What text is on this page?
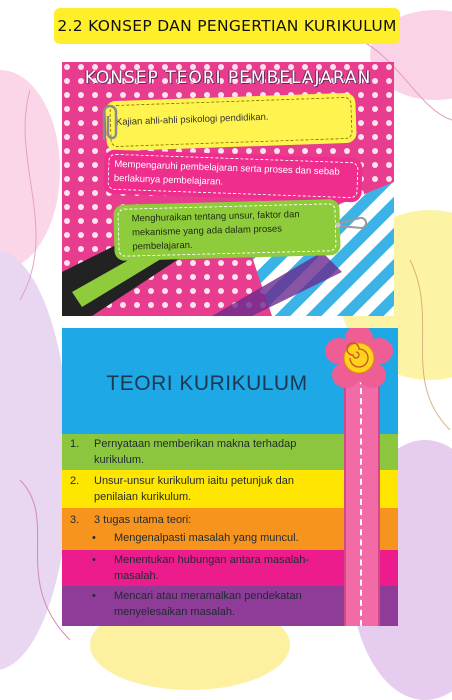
2.2 KONSEP DAN PENGERTIAN KURIKULUM
KONSEP TEORI PEMBELAJARAN
Kajian ahli-ahli psikologi pendidikan.
Mempengaruhi pembelajaran serta proses dan sebab berlakunya pembelajaran.
Menghuraikan tentang unsur, faktor dan mekanisme yang ada dalam proses pembelajaran.
TEORI KURIKULUM
1. Pernyataan memberikan makna terhadap
kurikulum.
2. Unsur-unsur kurikulum iaitu petunjuk dan
penilaian kurikulum.
3. 3 tugas utama teori:
• Mengenalpasti masalah yang muncul.
• Menentukan hubungan antara masalah-
masalah.
• Mencari atau meramalkan pendekatan
menyelesaikan masalah.
